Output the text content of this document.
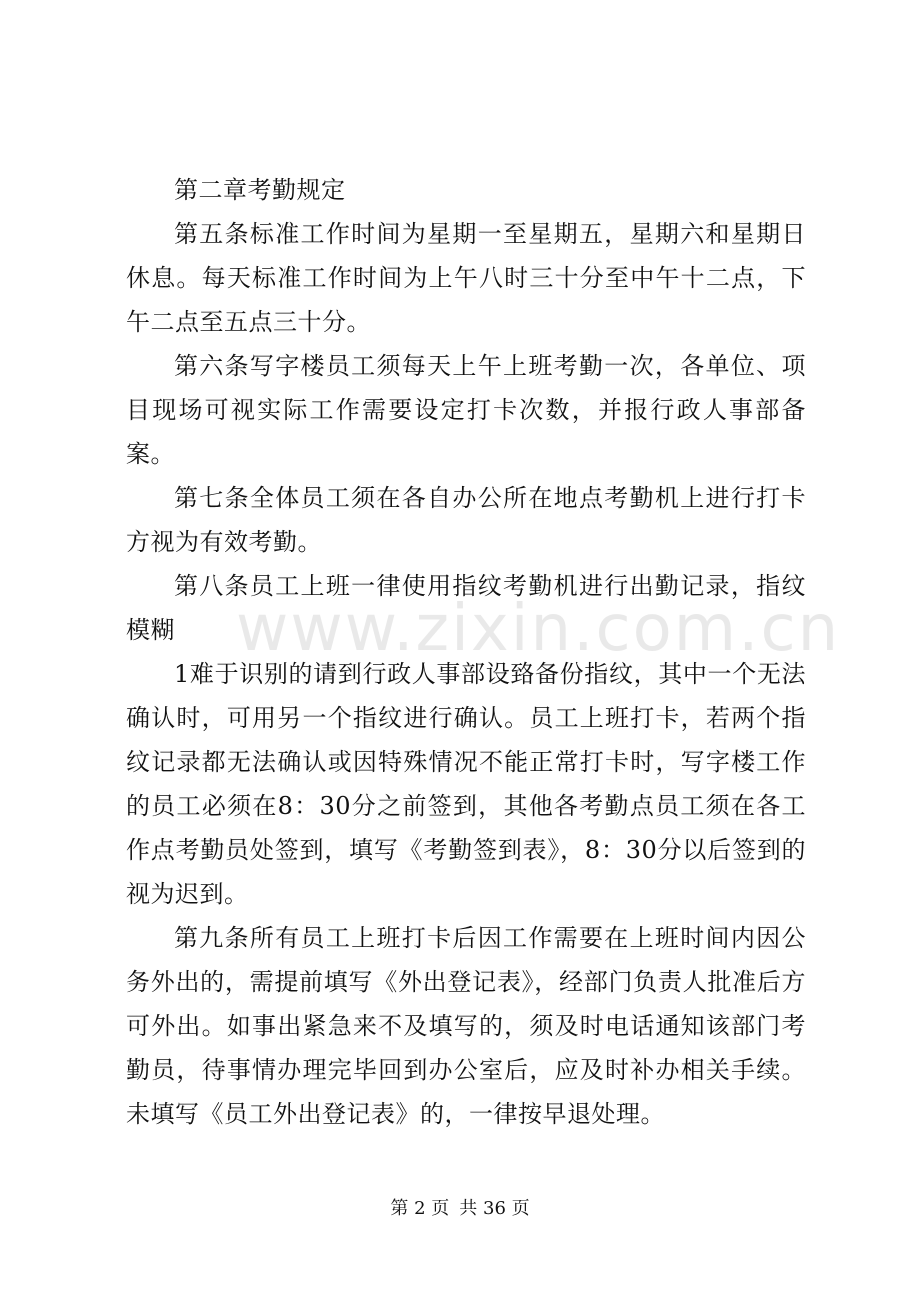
www.zixin.com.cn

第二章考勤规定

第五条标准工作时间为星期一至星期五，星期六和星期日休息。每天标准工作时间为上午八时三十分至中午十二点，下午二点至五点三十分。

第六条写字楼员工须每天上午上班考勤一次，各单位、项目现场可视实际工作需要设定打卡次数，并报行政人事部备案。

第七条全体员工须在各自办公所在地点考勤机上进行打卡方视为有效考勤。

第八条员工上班一律使用指纹考勤机进行出勤记录，指纹模糊

1难于识别的请到行政人事部设臵备份指纹，其中一个无法确认时，可用另一个指纹进行确认。员工上班打卡，若两个指纹记录都无法确认或因特殊情况不能正常打卡时，写字楼工作的员工必须在8：30分之前签到，其他各考勤点员工须在各工作点考勤员处签到，填写《考勤签到表》，8：30分以后签到的视为迟到。

第九条所有员工上班打卡后因工作需要在上班时间内因公务外出的，需提前填写《外出登记表》，经部门负责人批准后方可外出。如事出紧急来不及填写的，须及时电话通知该部门考勤员，待事情办理完毕回到办公室后，应及时补办相关手续。未填写《员工外出登记表》的，一律按早退处理。

第 2 页 共 36 页
